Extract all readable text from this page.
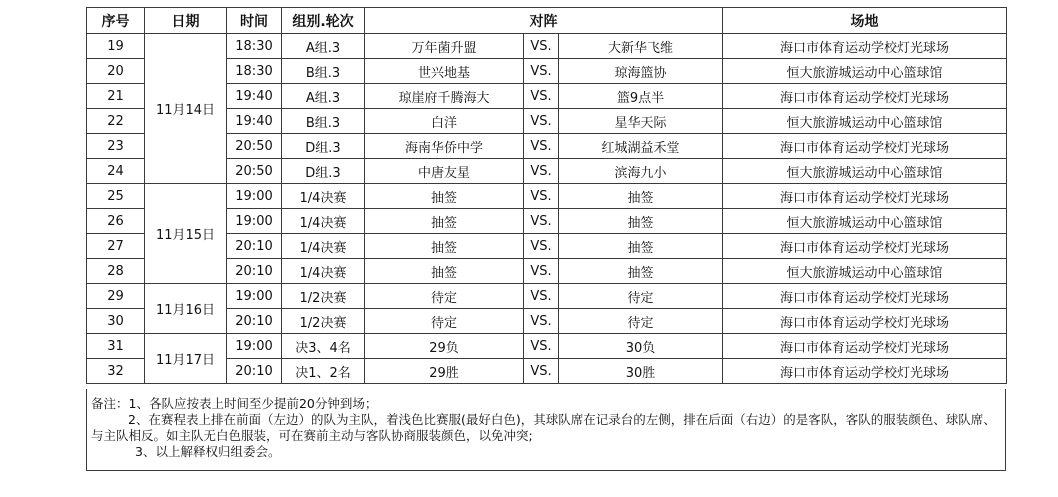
序号	日期	时间	组别.轮次	对阵			场地
19	11月14日	18:30	A组.3	万年菌升盟	VS.	大新华飞维	海口市体育运动学校灯光球场
20		18:30	B组.3	世兴地基	VS.	琼海篮协	恒大旅游城运动中心篮球馆
21		19:40	A组.3	琼崖府千腾海大	VS.	篮9点半	海口市体育运动学校灯光球场
22		19:40	B组.3	白洋	VS.	星华天际	恒大旅游城运动中心篮球馆
23		20:50	D组.3	海南华侨中学	VS.	红城湖益禾堂	海口市体育运动学校灯光球场
24		20:50	D组.3	中唐友星	VS.	滨海九小	恒大旅游城运动中心篮球馆
25	11月15日	19:00	1/4决赛	抽签	VS.	抽签	海口市体育运动学校灯光球场
26		19:00	1/4决赛	抽签	VS.	抽签	恒大旅游城运动中心篮球馆
27		20:10	1/4决赛	抽签	VS.	抽签	海口市体育运动学校灯光球场
28		20:10	1/4决赛	抽签	VS.	抽签	恒大旅游城运动中心篮球馆
29	11月16日	19:00	1/2决赛	待定	VS.	待定	海口市体育运动学校灯光球场
30		20:10	1/2决赛	待定	VS.	待定	海口市体育运动学校灯光球场
31	11月17日	19:00	决3、4名	29负	VS.	30负	海口市体育运动学校灯光球场
32		20:10	决1、2名	29胜	VS.	30胜	海口市体育运动学校灯光球场
备注：1、各队应按表上时间至少提前20分钟到场；
2、在赛程表上排在前面（左边）的队为主队，着浅色比赛服(最好白色)，其球队席在记录台的左侧，排在后面（右边）的是客队，客队的服装颜色、球队席、与主队相反。如主队无白色服装，可在赛前主动与客队协商服装颜色，以免冲突;
3、以上解释权归组委会。
